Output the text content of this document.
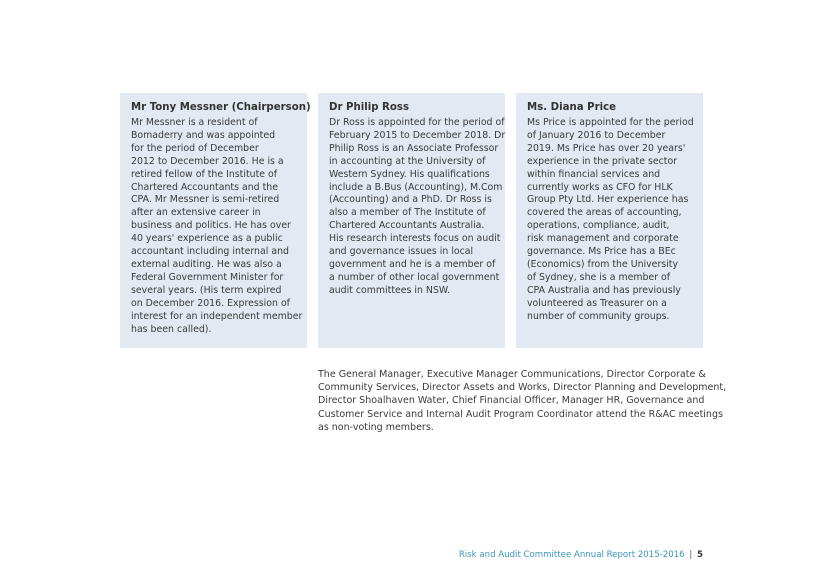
Mr Tony Messner (Chairperson)
Mr Messner is a resident of
Bomaderry and was appointed
for the period of December
2012 to December 2016. He is a
retired fellow of the Institute of
Chartered Accountants and the
CPA. Mr Messner is semi-retired
after an extensive career in
business and politics. He has over
40 years' experience as a public
accountant including internal and
external auditing. He was also a
Federal Government Minister for
several years. (His term expired
on December 2016. Expression of
interest for an independent member
has been called).
Dr Philip Ross
Dr Ross is appointed for the period of
February 2015 to December 2018. Dr
Philip Ross is an Associate Professor
in accounting at the University of
Western Sydney. His qualifications
include a B.Bus (Accounting), M.Com
(Accounting) and a PhD. Dr Ross is
also a member of The Institute of
Chartered Accountants Australia.
His research interests focus on audit
and governance issues in local
government and he is a member of
a number of other local government
audit committees in NSW.
Ms. Diana Price
Ms Price is appointed for the period
of January 2016 to December
2019. Ms Price has over 20 years'
experience in the private sector
within financial services and
currently works as CFO for HLK
Group Pty Ltd. Her experience has
covered the areas of accounting,
operations, compliance, audit,
risk management and corporate
governance. Ms Price has a BEc
(Economics) from the University
of Sydney, she is a member of
CPA Australia and has previously
volunteered as Treasurer on a
number of community groups.
The General Manager, Executive Manager Communications, Director Corporate &
Community Services, Director Assets and Works, Director Planning and Development,
Director Shoalhaven Water, Chief Financial Officer, Manager HR, Governance and
Customer Service and Internal Audit Program Coordinator attend the R&AC meetings
as non-voting members.
Risk and Audit Committee Annual Report 2015-2016 | 5
